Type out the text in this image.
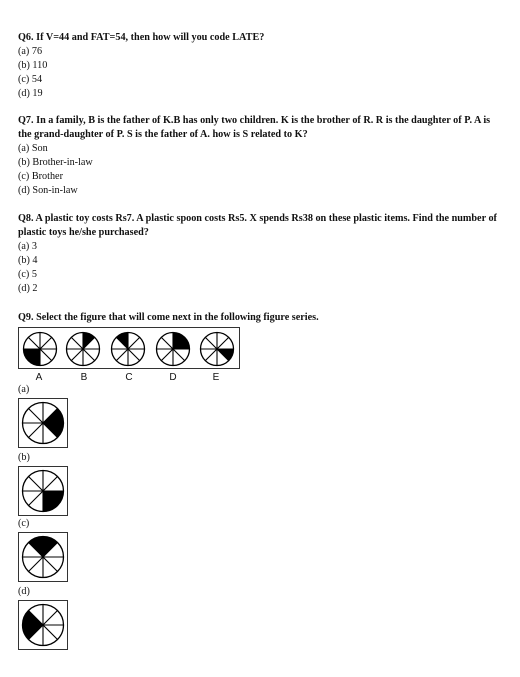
Q6. If V=44 and FAT=54, then how will you code LATE?

(a) 76

(b) 110

(c) 54

(d) 19

Q7. In a family, B is the father of K.B has only two children. K is the brother of R. R is the daughter of P. A is the grand-daughter of P. S is the father of A. how is S related to K?

(a) Son

(b) Brother-in-law

(c) Brother

(d) Son-in-law

Q8. A plastic toy costs Rs7. A plastic spoon costs Rs5. X spends Rs38 on these plastic items. Find the number of plastic toys he/she purchased?

(a) 3

(b) 4

(c) 5

(d) 2

Q9. Select the figure that will come next in the following figure series.

A	B	C	D	E
(a)
(b)
(c)
(d)
